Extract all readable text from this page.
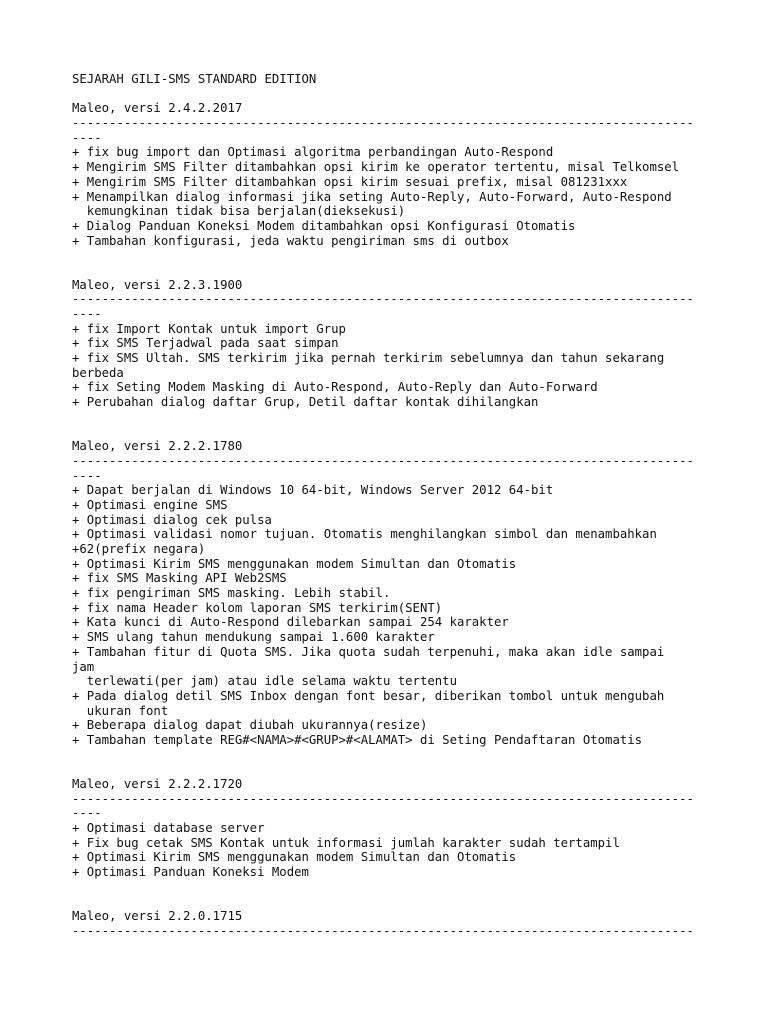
SEJARAH GILI-SMS STANDARD EDITION
Maleo, versi 2.4.2.2017
------------------------------------------------------------------------------------
----
+ fix bug import dan Optimasi algoritma perbandingan Auto-Respond
+ Mengirim SMS Filter ditambahkan opsi kirim ke operator tertentu, misal Telkomsel
+ Mengirim SMS Filter ditambahkan opsi kirim sesuai prefix, misal 081231xxx
+ Menampilkan dialog informasi jika seting Auto-Reply, Auto-Forward, Auto-Respond
kemungkinan tidak bisa berjalan(dieksekusi)
+ Dialog Panduan Koneksi Modem ditambahkan opsi Konfigurasi Otomatis
+ Tambahan konfigurasi, jeda waktu pengiriman sms di outbox
Maleo, versi 2.2.3.1900
------------------------------------------------------------------------------------
----
+ fix Import Kontak untuk import Grup
+ fix SMS Terjadwal pada saat simpan
+ fix SMS Ultah. SMS terkirim jika pernah terkirim sebelumnya dan tahun sekarang
berbeda
+ fix Seting Modem Masking di Auto-Respond, Auto-Reply dan Auto-Forward
+ Perubahan dialog daftar Grup, Detil daftar kontak dihilangkan
Maleo, versi 2.2.2.1780
------------------------------------------------------------------------------------
----
+ Dapat berjalan di Windows 10 64-bit, Windows Server 2012 64-bit
+ Optimasi engine SMS
+ Optimasi dialog cek pulsa
+ Optimasi validasi nomor tujuan. Otomatis menghilangkan simbol dan menambahkan
+62(prefix negara)
+ Optimasi Kirim SMS menggunakan modem Simultan dan Otomatis
+ fix SMS Masking API Web2SMS
+ fix pengiriman SMS masking. Lebih stabil.
+ fix nama Header kolom laporan SMS terkirim(SENT)
+ Kata kunci di Auto-Respond dilebarkan sampai 254 karakter
+ SMS ulang tahun mendukung sampai 1.600 karakter
+ Tambahan fitur di Quota SMS. Jika quota sudah terpenuhi, maka akan idle sampai
jam
terlewati(per jam) atau idle selama waktu tertentu
+ Pada dialog detil SMS Inbox dengan font besar, diberikan tombol untuk mengubah
ukuran font
+ Beberapa dialog dapat diubah ukurannya(resize)
+ Tambahan template REG#<NAMA>#<GRUP>#<ALAMAT> di Seting Pendaftaran Otomatis
Maleo, versi 2.2.2.1720
------------------------------------------------------------------------------------
----
+ Optimasi database server
+ Fix bug cetak SMS Kontak untuk informasi jumlah karakter sudah tertampil
+ Optimasi Kirim SMS menggunakan modem Simultan dan Otomatis
+ Optimasi Panduan Koneksi Modem
Maleo, versi 2.2.0.1715
------------------------------------------------------------------------------------
